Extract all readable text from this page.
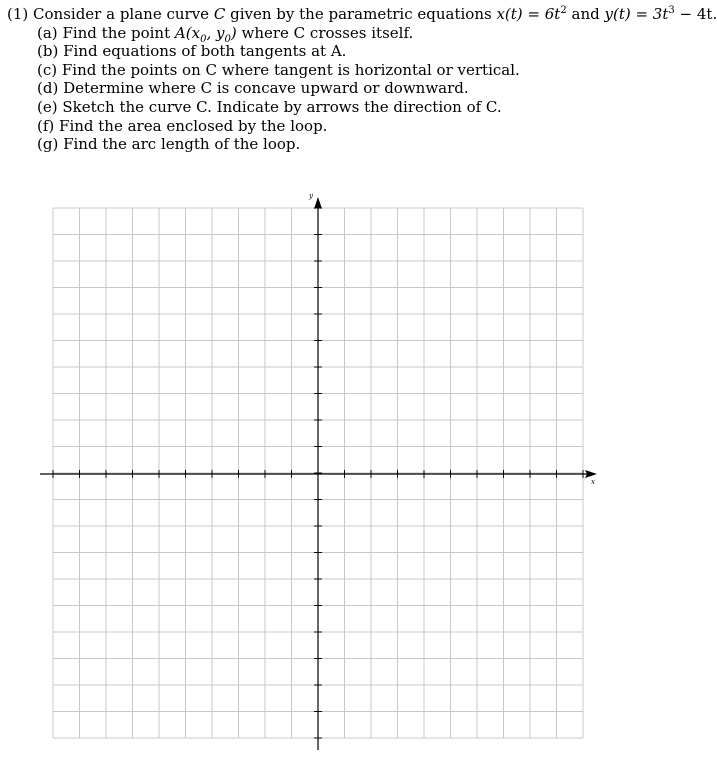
(1) Consider a plane curve C given by the parametric equations $x(t) = 6t^2$ and $y(t) = 3t^3 - 4t$.
(a) Find the point $A(x_0$, $y_0$) where C crosses itself.
(b) Find equations of both tangents at A.
(c) Find the points on C where tangent is horizontal or vertical.
(d) Determine where C is concave upward or downward.
(e) Sketch the curve C. Indicate by arrows the direction of C.
(f) Find the area enclosed by the loop.
(g) Find the arc length of the loop.
x
y
